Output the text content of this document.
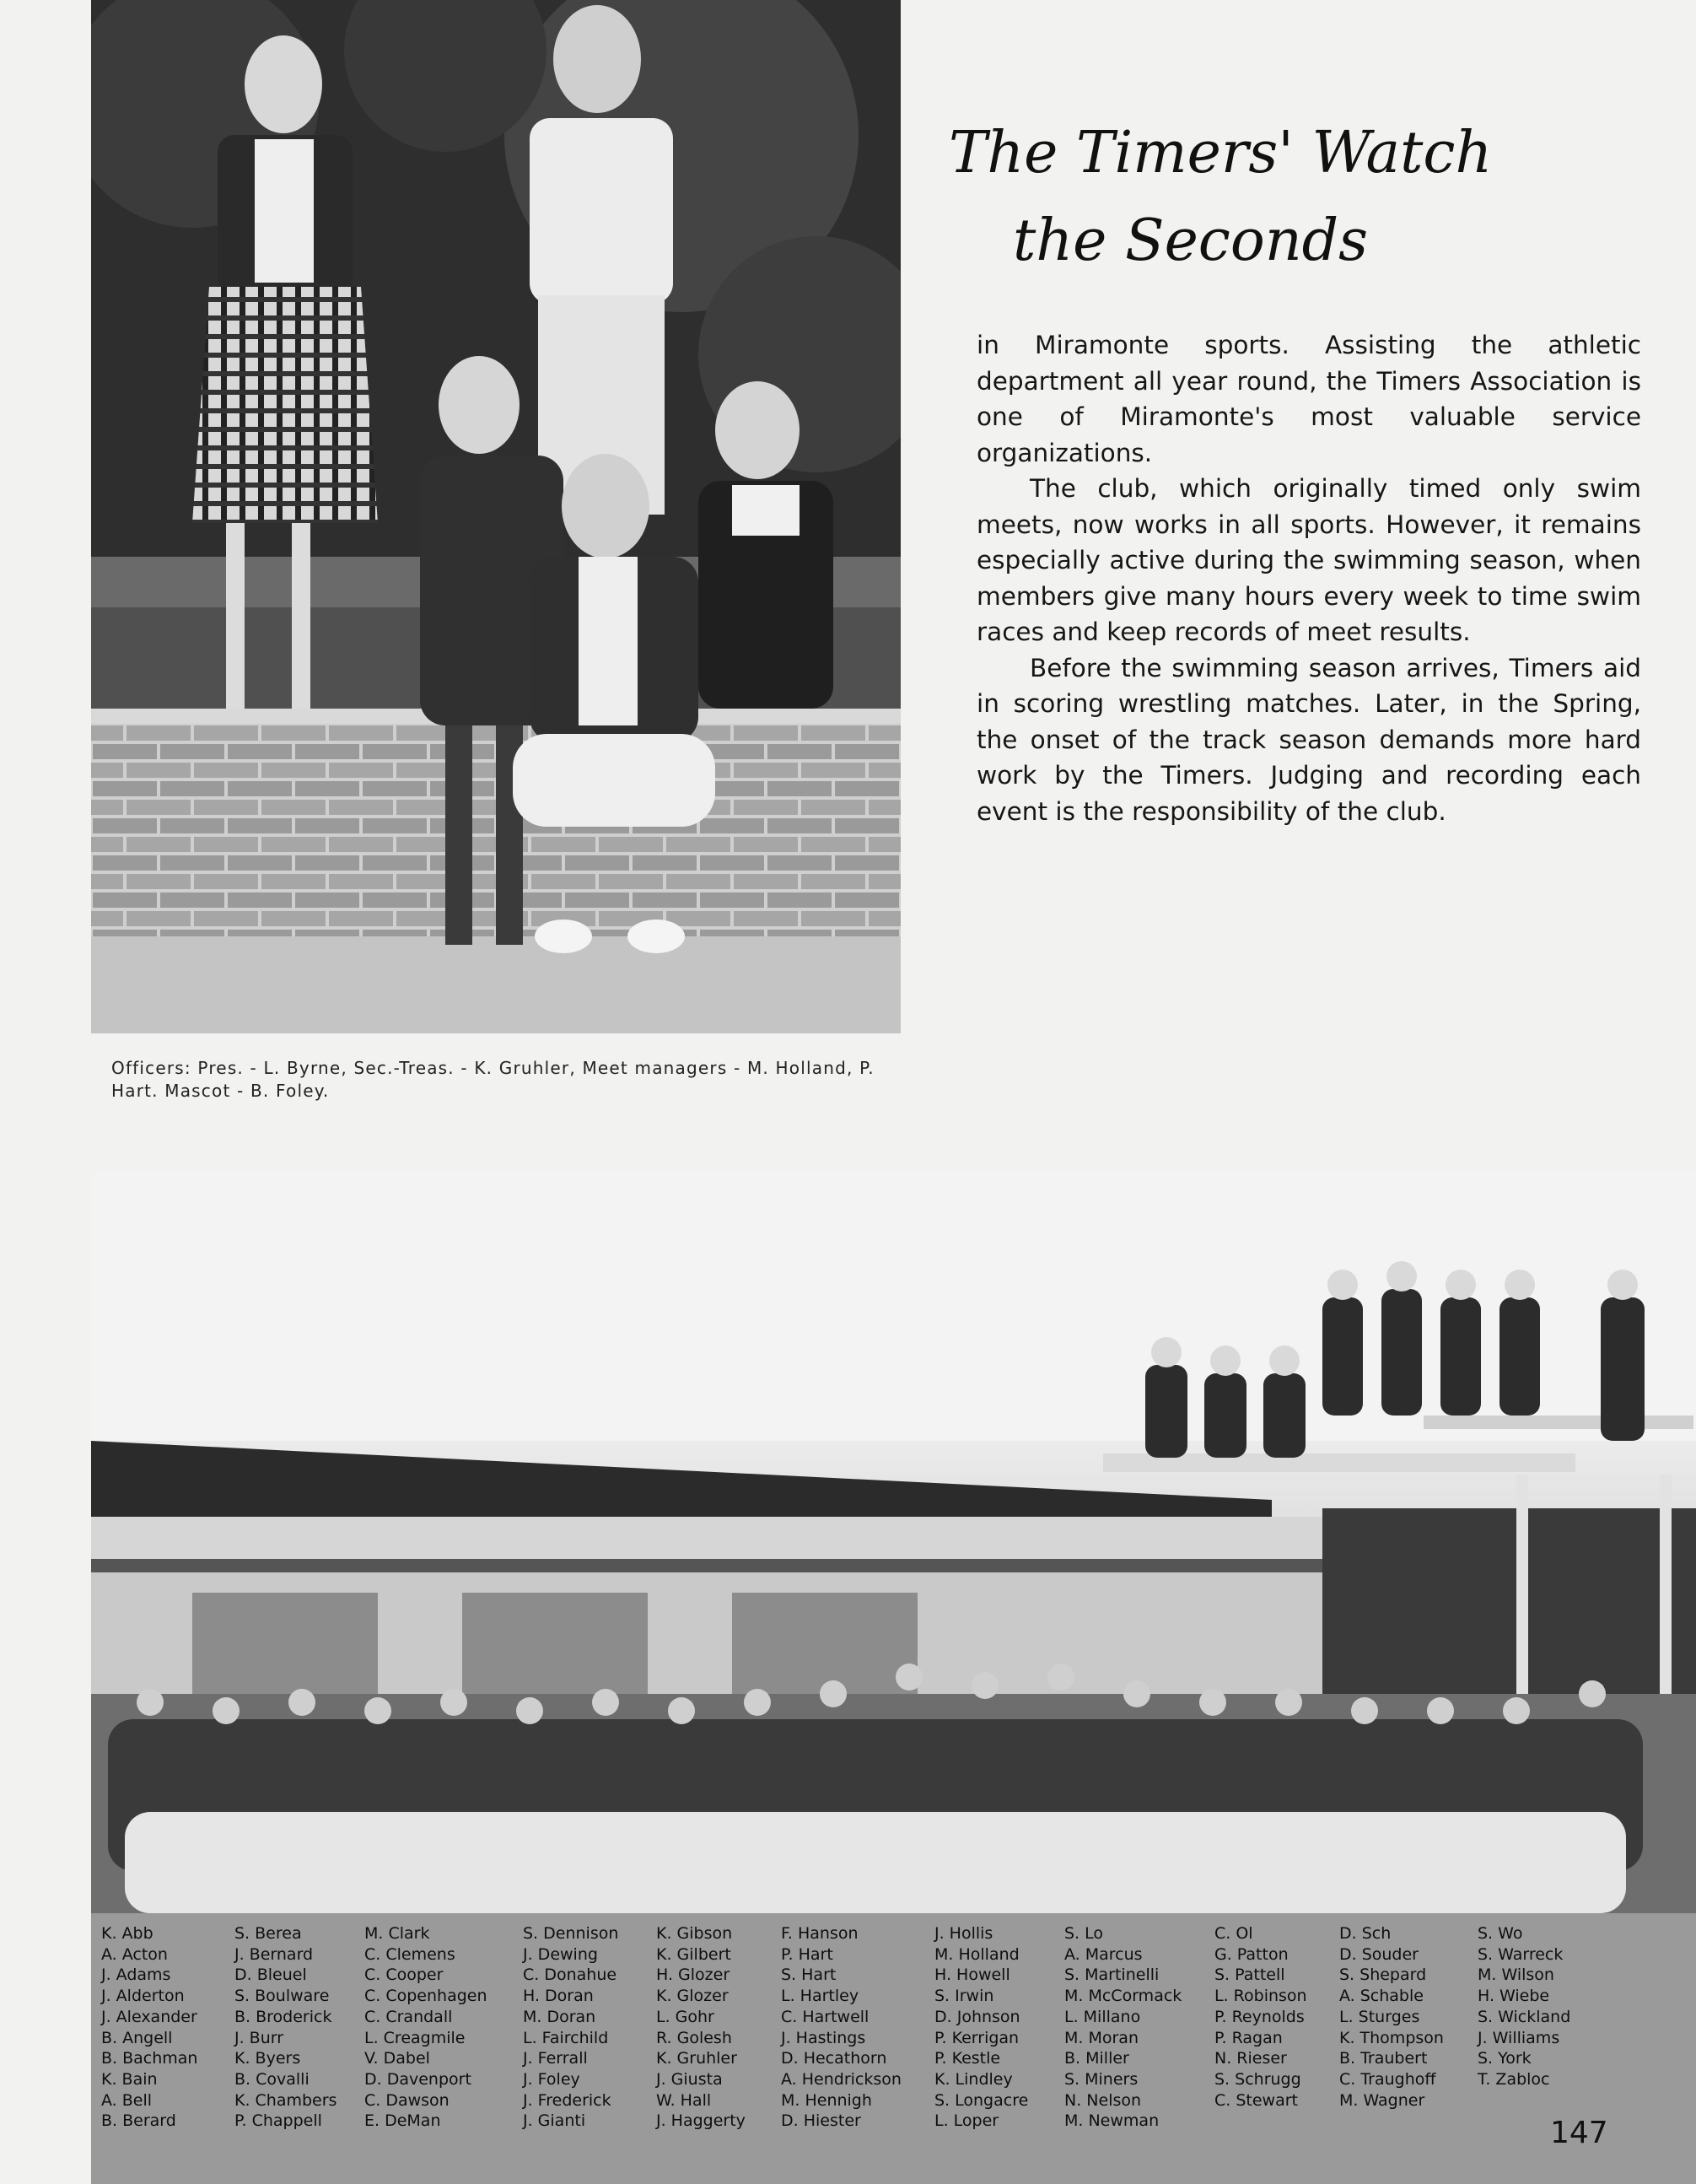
The Timers' Watch
the Seconds

in Miramonte sports. Assisting the athletic department all year round, the Timers Association is one of Miramonte's most valuable service organizations.

The club, which originally timed only swim meets, now works in all sports. However, it remains especially active during the swimming season, when members give many hours every week to time swim races and keep records of meet results.

Before the swimming season arrives, Timers aid in scoring wrestling matches. Later, in the Spring, the onset of the track season demands more hard work by the Timers. Judging and recording each event is the responsibility of the club.

Officers: Pres. - L. Byrne, Sec.-Treas. - K. Gruhler, Meet managers - M. Holland, P. Hart. Mascot - B. Foley.
K. Abb
A. Acton
J. Adams
J. Alderton
J. Alexander
B. Angell
B. Bachman
K. Bain
A. Bell
B. Berard
S. Berea
J. Bernard
D. Bleuel
S. Boulware
B. Broderick
J. Burr
K. Byers
B. Covalli
K. Chambers
P. Chappell
M. Clark
C. Clemens
C. Cooper
C. Copenhagen
C. Crandall
L. Creagmile
V. Dabel
D. Davenport
C. Dawson
E. DeMan
S. Dennison
J. Dewing
C. Donahue
H. Doran
M. Doran
L. Fairchild
J. Ferrall
J. Foley
J. Frederick
J. Gianti
K. Gibson
K. Gilbert
H. Glozer
K. Glozer
L. Gohr
R. Golesh
K. Gruhler
J. Giusta
W. Hall
J. Haggerty
F. Hanson
P. Hart
S. Hart
L. Hartley
C. Hartwell
J. Hastings
D. Hecathorn
A. Hendrickson
M. Hennigh
D. Hiester
J. Hollis
M. Holland
H. Howell
S. Irwin
D. Johnson
P. Kerrigan
P. Kestle
K. Lindley
S. Longacre
L. Loper
S. Lo
A. Marcus
S. Martinelli
M. McCormack
L. Millano
M. Moran
B. Miller
S. Miners
N. Nelson
M. Newman
C. Ol
G. Patton
S. Pattell
L. Robinson
P. Reynolds
P. Ragan
N. Rieser
S. Schrugg
C. Stewart
D. Sch
D. Souder
S. Shepard
A. Schable
L. Sturges
K. Thompson
B. Traubert
C. Traughoff
M. Wagner
S. Wo
S. Warreck
M. Wilson
H. Wiebe
S. Wickland
J. Williams
S. York
T. Zabloc
147
